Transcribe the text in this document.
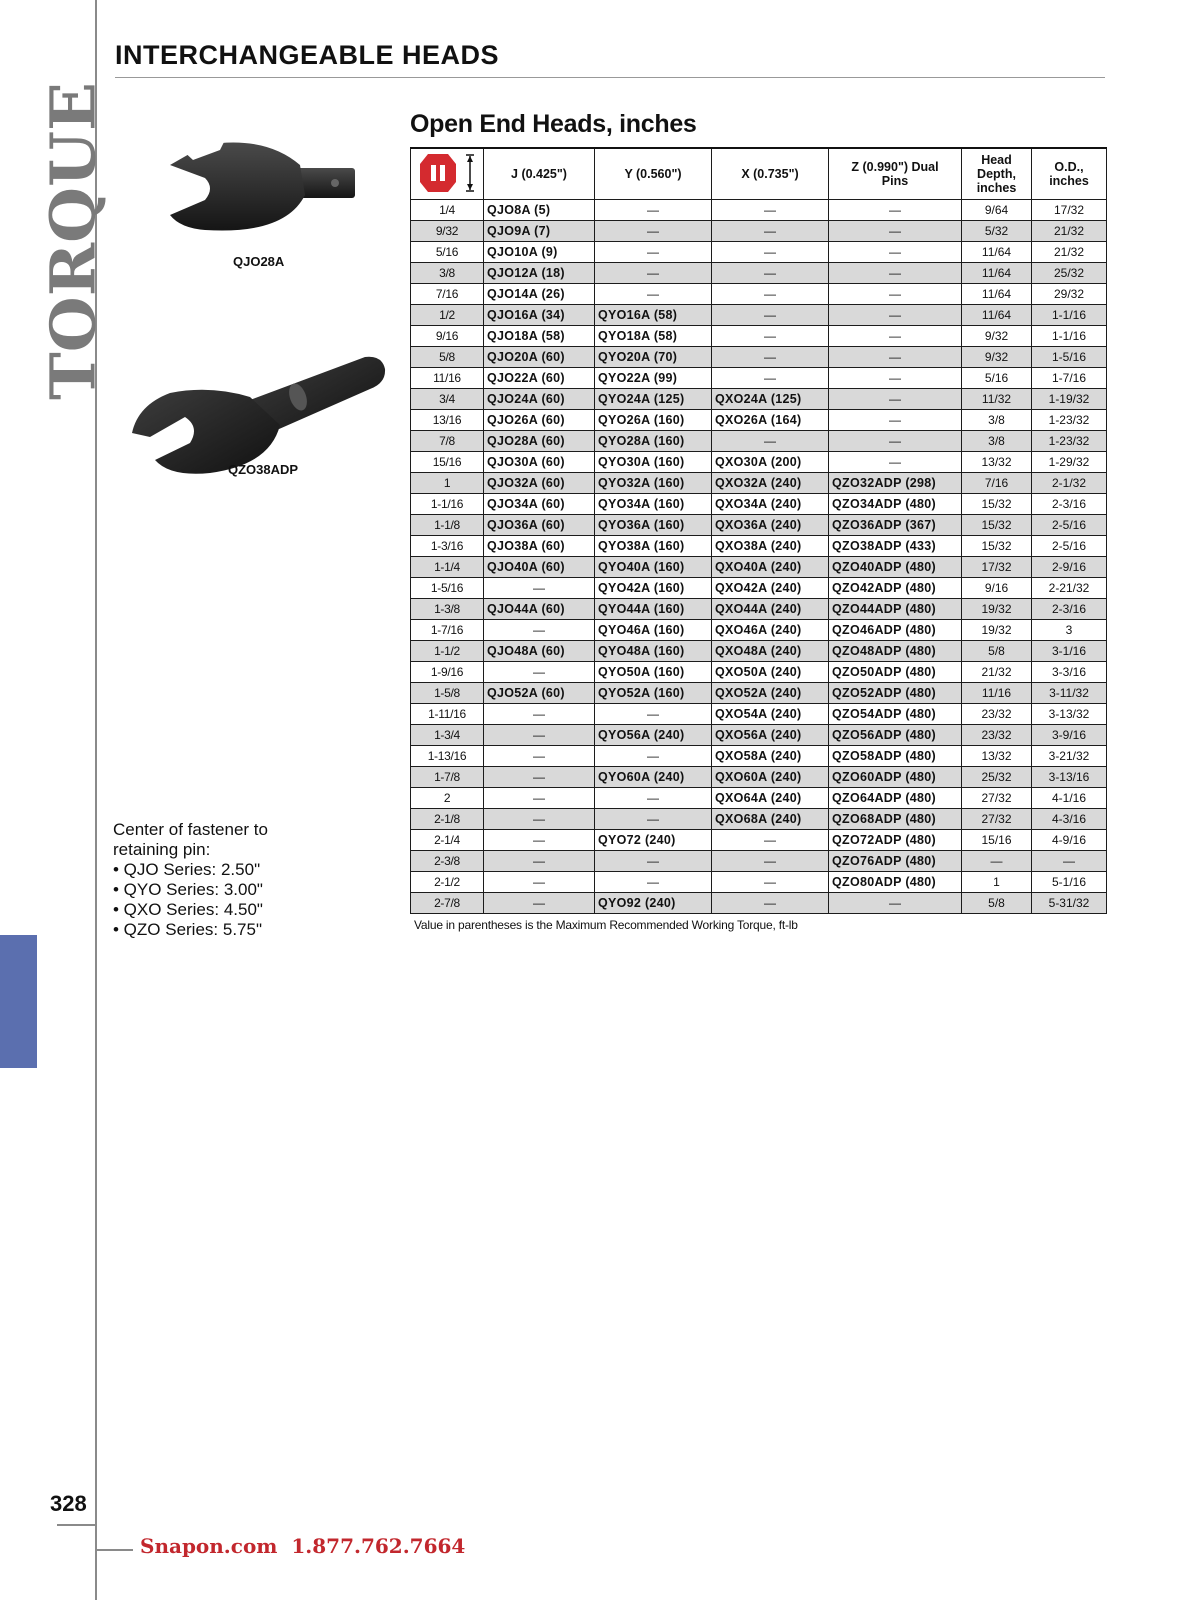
TORQUE
INTERCHANGEABLE HEADS
QJO28A
QZO38ADP
Open End Heads, inches
	J (0.425")	Y (0.560")	X (0.735")	Z (0.990") Dual Pins	Head Depth, inches	O.D., inches
1/4	QJO8A (5)	—	—	—	9/64	17/32
9/32	QJO9A (7)	—	—	—	5/32	21/32
5/16	QJO10A (9)	—	—	—	11/64	21/32
3/8	QJO12A (18)	—	—	—	11/64	25/32
7/16	QJO14A (26)	—	—	—	11/64	29/32
1/2	QJO16A (34)	QYO16A (58)	—	—	11/64	1-1/16
9/16	QJO18A (58)	QYO18A (58)	—	—	9/32	1-1/16
5/8	QJO20A (60)	QYO20A (70)	—	—	9/32	1-5/16
11/16	QJO22A (60)	QYO22A (99)	—	—	5/16	1-7/16
3/4	QJO24A (60)	QYO24A (125)	QXO24A (125)	—	11/32	1-19/32
13/16	QJO26A (60)	QYO26A (160)	QXO26A (164)	—	3/8	1-23/32
7/8	QJO28A (60)	QYO28A (160)	—	—	3/8	1-23/32
15/16	QJO30A (60)	QYO30A (160)	QXO30A (200)	—	13/32	1-29/32
1	QJO32A (60)	QYO32A (160)	QXO32A (240)	QZO32ADP (298)	7/16	2-1/32
1-1/16	QJO34A (60)	QYO34A (160)	QXO34A (240)	QZO34ADP (480)	15/32	2-3/16
1-1/8	QJO36A (60)	QYO36A (160)	QXO36A (240)	QZO36ADP (367)	15/32	2-5/16
1-3/16	QJO38A (60)	QYO38A (160)	QXO38A (240)	QZO38ADP (433)	15/32	2-5/16
1-1/4	QJO40A (60)	QYO40A (160)	QXO40A (240)	QZO40ADP (480)	17/32	2-9/16
1-5/16	—	QYO42A (160)	QXO42A (240)	QZO42ADP (480)	9/16	2-21/32
1-3/8	QJO44A (60)	QYO44A (160)	QXO44A (240)	QZO44ADP (480)	19/32	2-3/16
1-7/16	—	QYO46A (160)	QXO46A (240)	QZO46ADP (480)	19/32	3
1-1/2	QJO48A (60)	QYO48A (160)	QXO48A (240)	QZO48ADP (480)	5/8	3-1/16
1-9/16	—	QYO50A (160)	QXO50A (240)	QZO50ADP (480)	21/32	3-3/16
1-5/8	QJO52A (60)	QYO52A (160)	QXO52A (240)	QZO52ADP (480)	11/16	3-11/32
1-11/16	—	—	QXO54A (240)	QZO54ADP (480)	23/32	3-13/32
1-3/4	—	QYO56A (240)	QXO56A (240)	QZO56ADP (480)	23/32	3-9/16
1-13/16	—	—	QXO58A (240)	QZO58ADP (480)	13/32	3-21/32
1-7/8	—	QYO60A (240)	QXO60A (240)	QZO60ADP (480)	25/32	3-13/16
2	—	—	QXO64A (240)	QZO64ADP (480)	27/32	4-1/16
2-1/8	—	—	QXO68A (240)	QZO68ADP (480)	27/32	4-3/16
2-1/4	—	QYO72 (240)	—	QZO72ADP (480)	15/16	4-9/16
2-3/8	—	—	—	QZO76ADP (480)	—	—
2-1/2	—	—	—	QZO80ADP (480)	1	5-1/16
2-7/8	—	QYO92 (240)	—	—	5/8	5-31/32
Value in parentheses is the Maximum Recommended Working Torque, ft-lb
Center of fastener to
retaining pin:
• QJO Series: 2.50"
• QYO Series: 3.00"
• QXO Series: 4.50"
• QZO Series: 5.75"
328
Snapon.com  1.877.762.7664
